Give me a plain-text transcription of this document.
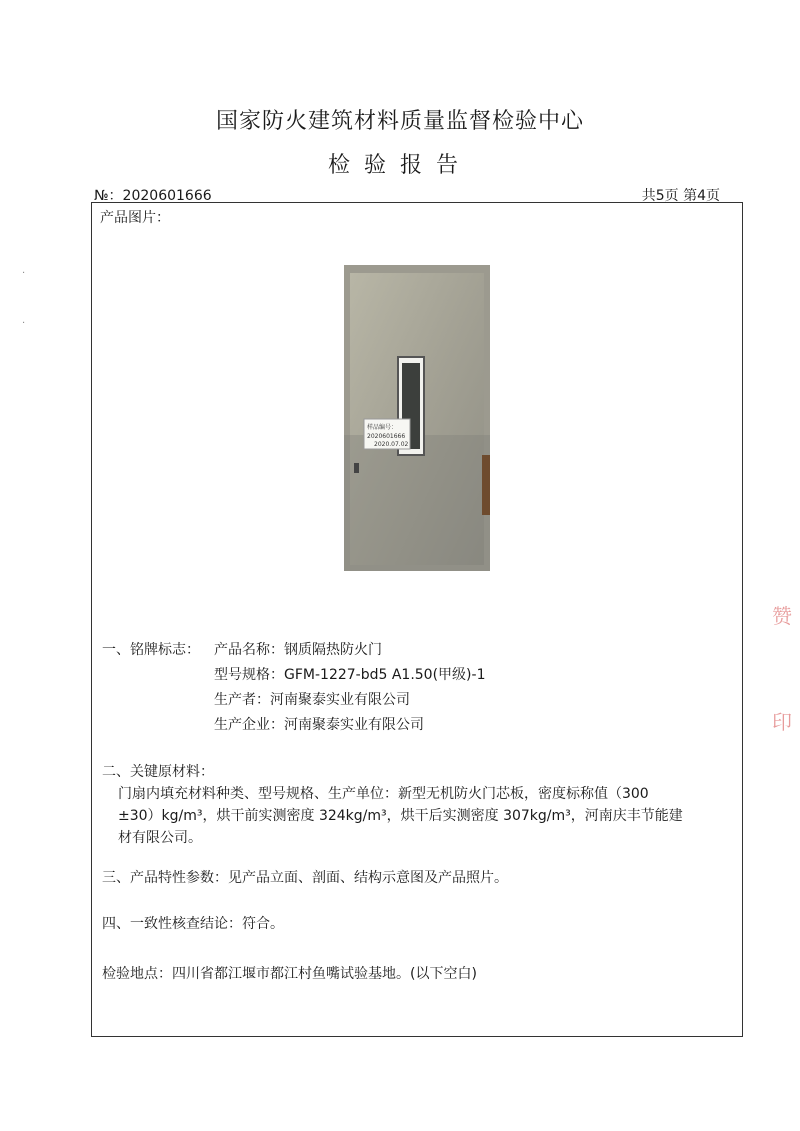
国家防火建筑材料质量监督检验中心
检验报告
№：2020601666	共5页 第4页
·
·
产品图片：
样品编号：
2020601666
2020.07.02
一、铭牌标志： 产品名称：钢质隔热防火门
型号规格：GFM-1227-bd5 A1.50(甲级)-1
生产者：河南聚泰实业有限公司
生产企业：河南聚泰实业有限公司
二、关键原材料：
门扇内填充材料种类、型号规格、生产单位：新型无机防火门芯板，密度标称值（300
±30）kg/m³，烘干前实测密度 324kg/m³，烘干后实测密度 307kg/m³，河南庆丰节能建
材有限公司。
三、产品特性参数：见产品立面、剖面、结构示意图及产品照片。
四、一致性核查结论：符合。
检验地点：四川省都江堰市都江村鱼嘴试验基地。(以下空白)
赞
印
